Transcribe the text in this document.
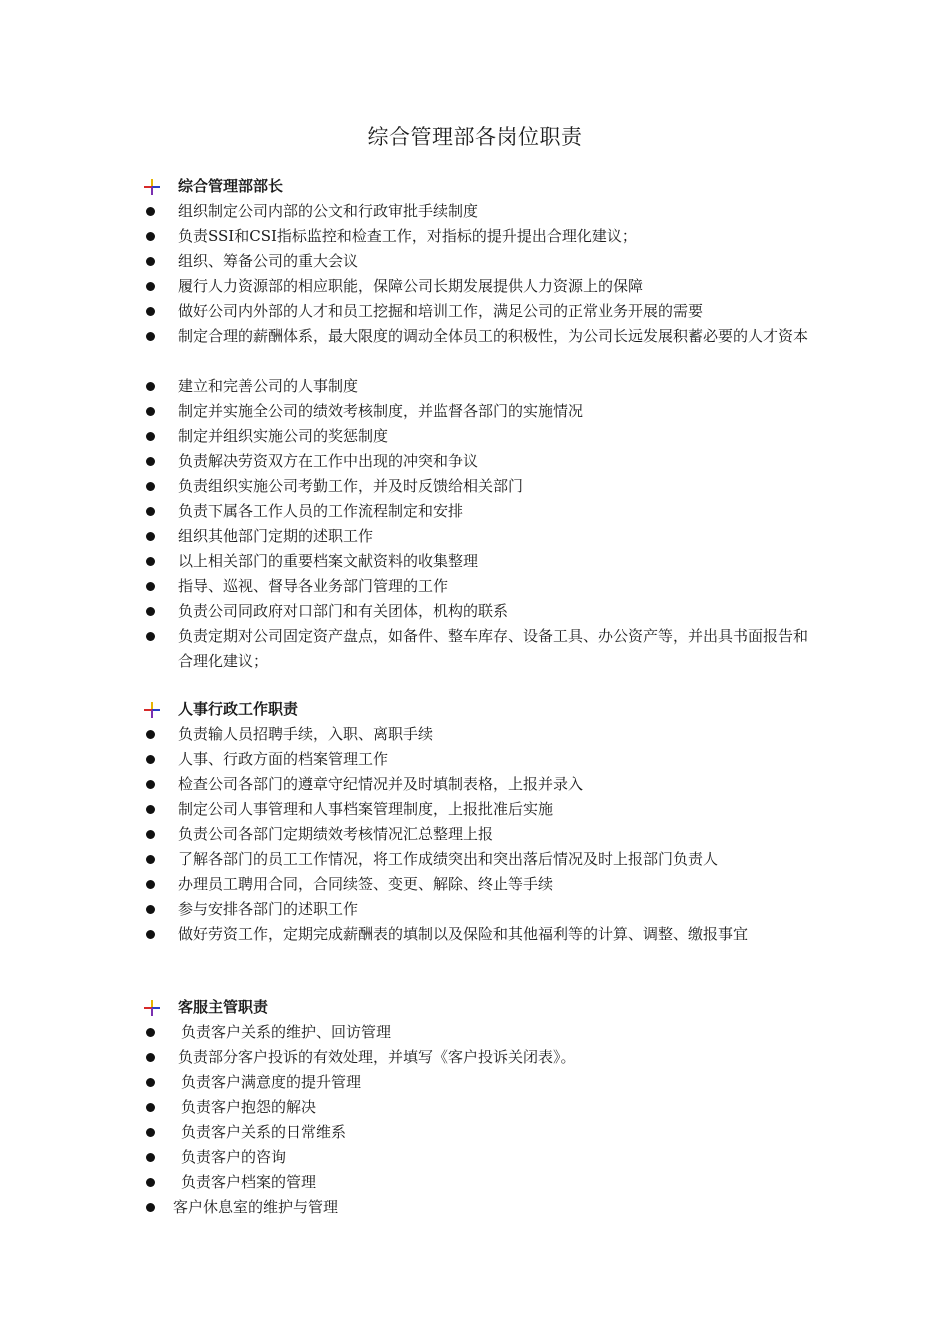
综合管理部各岗位职责
综合管理部部长
组织制定公司内部的公文和行政审批手续制度
负责SSI和CSI指标监控和检查工作，对指标的提升提出合理化建议；
组织、筹备公司的重大会议
履行人力资源部的相应职能，保障公司长期发展提供人力资源上的保障
做好公司内外部的人才和员工挖掘和培训工作，满足公司的正常业务开展的需要
制定合理的薪酬体系，最大限度的调动全体员工的积极性，为公司长远发展积蓄必要的人才资本
建立和完善公司的人事制度
制定并实施全公司的绩效考核制度，并监督各部门的实施情况
制定并组织实施公司的奖惩制度
负责解决劳资双方在工作中出现的冲突和争议
负责组织实施公司考勤工作，并及时反馈给相关部门
负责下属各工作人员的工作流程制定和安排
组织其他部门定期的述职工作
以上相关部门的重要档案文献资料的收集整理
指导、巡视、督导各业务部门管理的工作
负责公司同政府对口部门和有关团体，机构的联系
负责定期对公司固定资产盘点，如备件、整车库存、设备工具、办公资产等，并出具书面报告和合理化建议；
人事行政工作职责
负责输人员招聘手续，入职、离职手续
人事、行政方面的档案管理工作
检查公司各部门的遵章守纪情况并及时填制表格，上报并录入
制定公司人事管理和人事档案管理制度，上报批准后实施
负责公司各部门定期绩效考核情况汇总整理上报
了解各部门的员工工作情况，将工作成绩突出和突出落后情况及时上报部门负责人
办理员工聘用合同，合同续签、变更、解除、终止等手续
参与安排各部门的述职工作
做好劳资工作，定期完成薪酬表的填制以及保险和其他福利等的计算、调整、缴报事宜
客服主管职责
负责客户关系的维护、回访管理
负责部分客户投诉的有效处理，并填写《客户投诉关闭表》。
负责客户满意度的提升管理
负责客户抱怨的解决
负责客户关系的日常维系
负责客户的咨询
负责客户档案的管理
客户休息室的维护与管理
